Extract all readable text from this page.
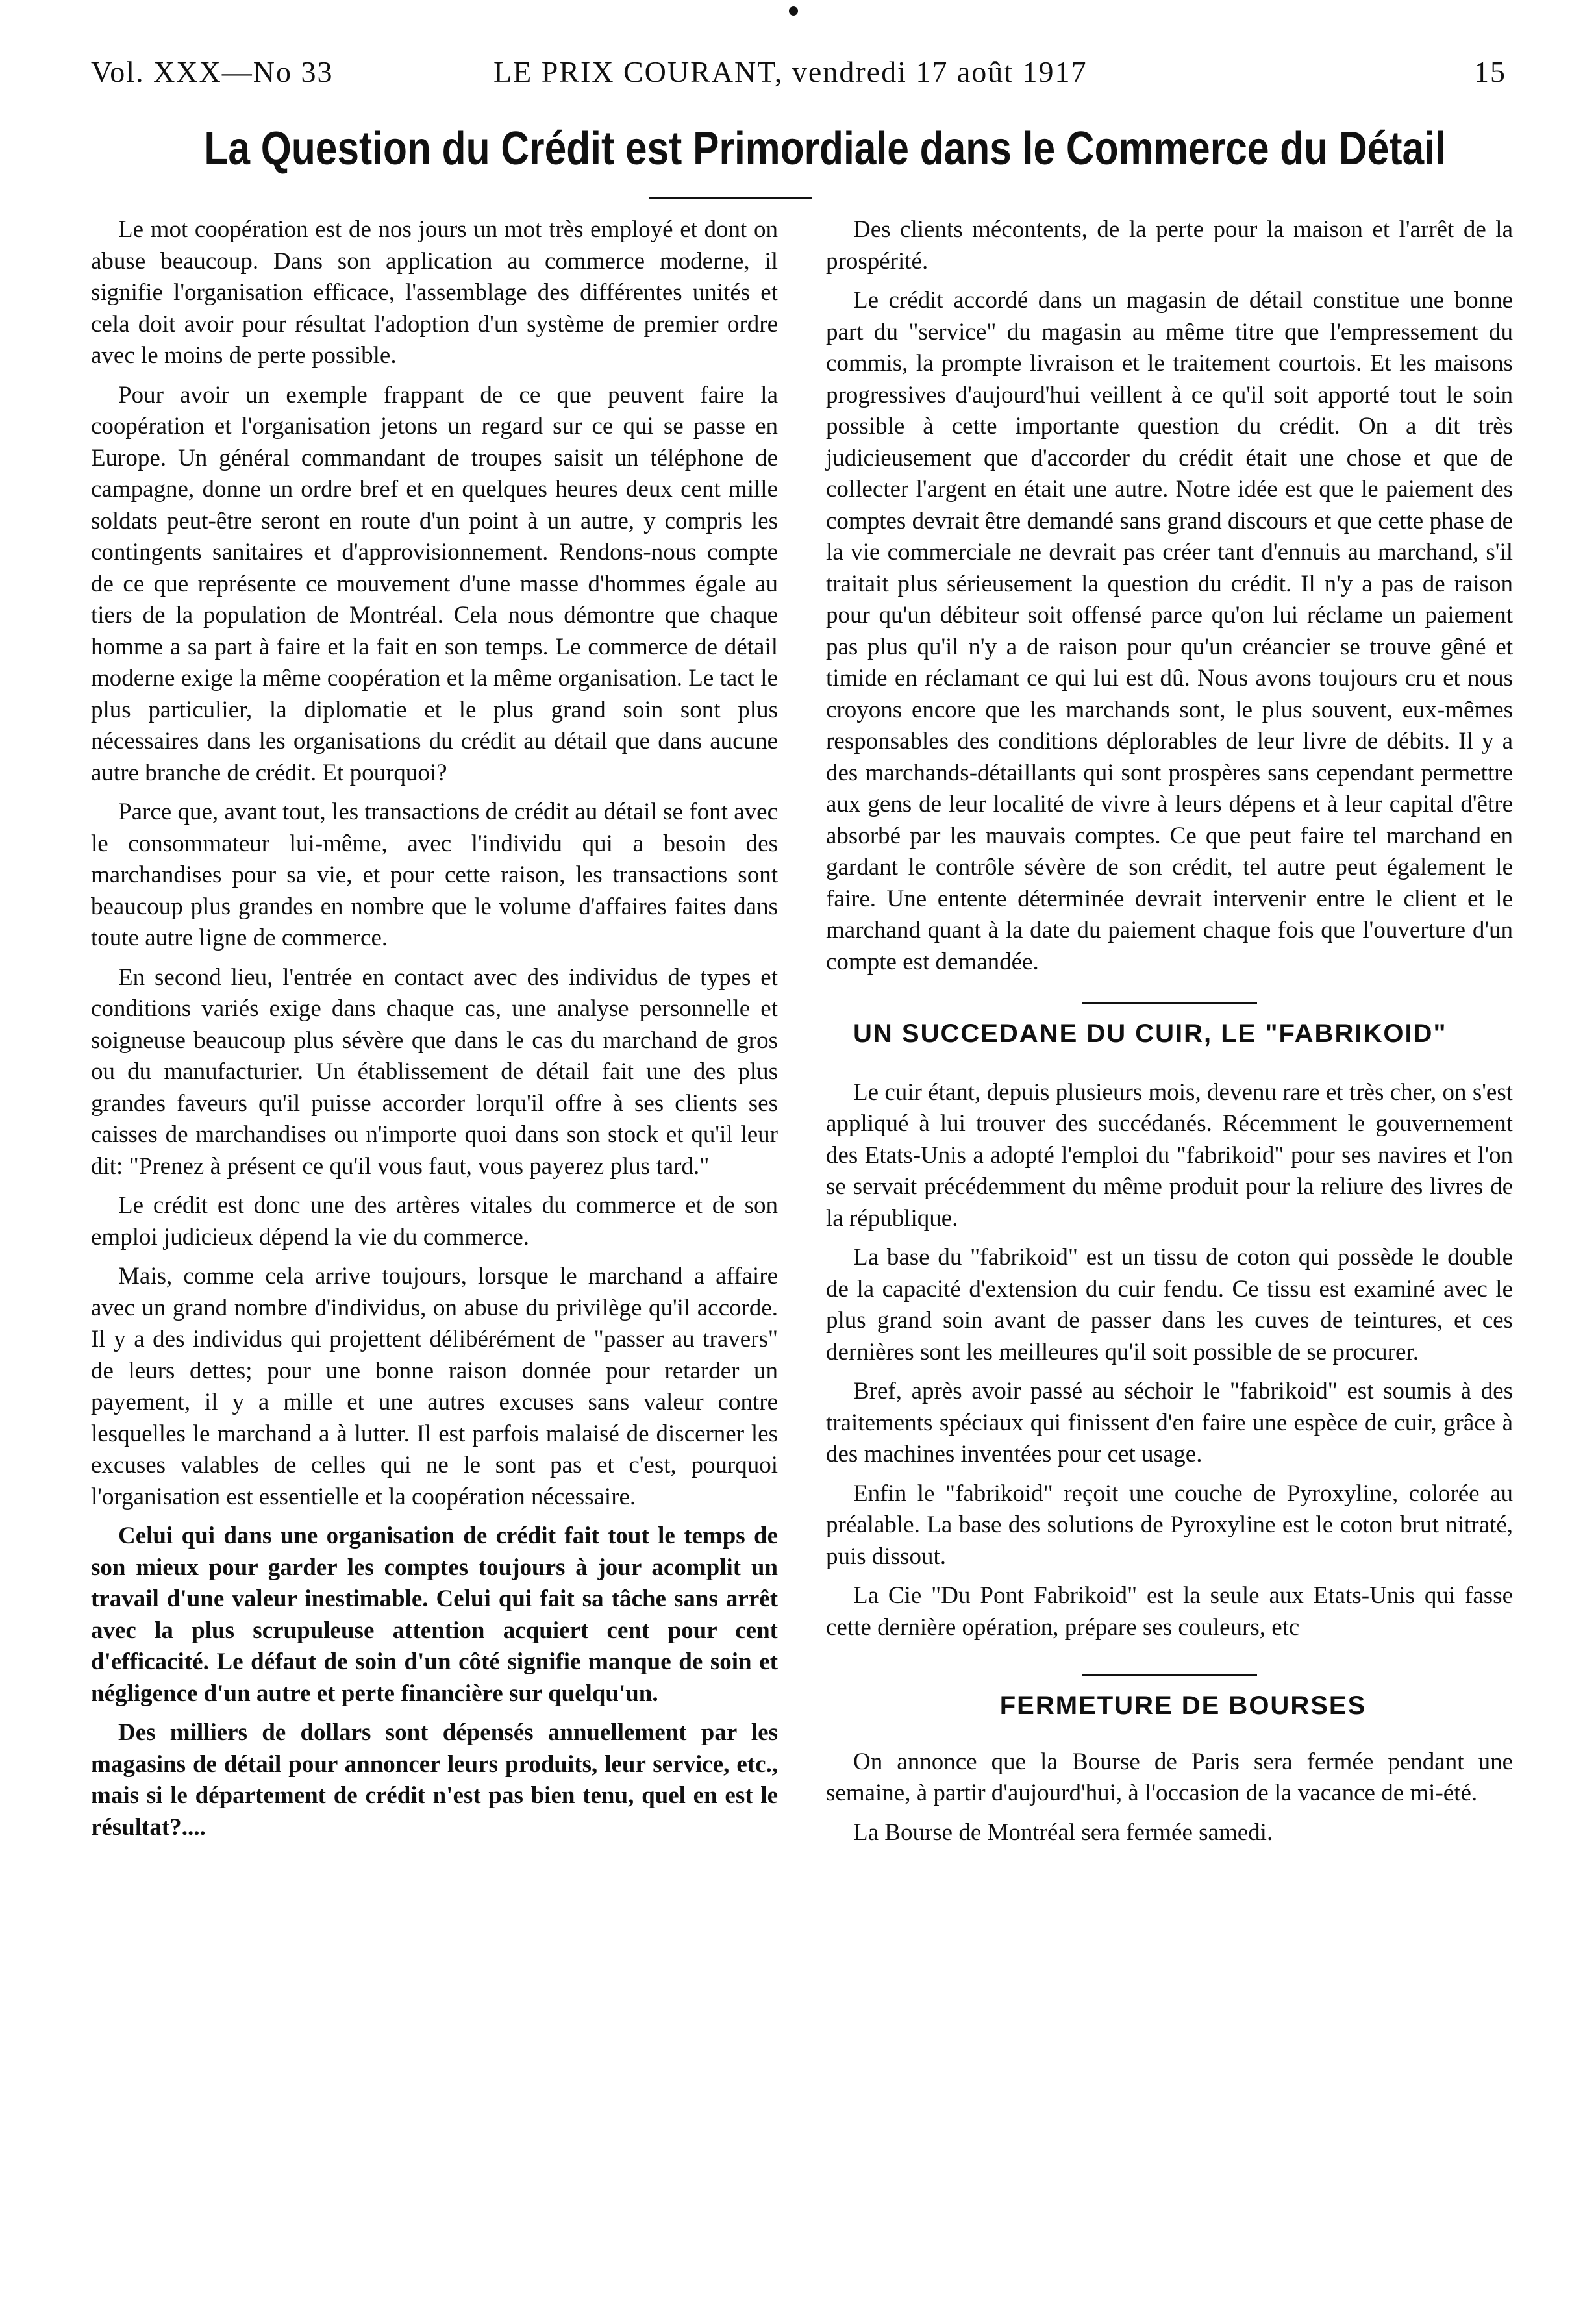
Vol. XXX—No 33	LE PRIX COURANT, vendredi 17 août 1917	15
La Question du Crédit est Primordiale dans le Commerce du Détail

Le mot coopération est de nos jours un mot très employé et dont on abuse beaucoup. Dans son application au commerce moderne, il signifie l'organisation efficace, l'assemblage des différentes unités et cela doit avoir pour résultat l'adoption d'un système de premier ordre avec le moins de perte possible.

Pour avoir un exemple frappant de ce que peuvent faire la coopération et l'organisation jetons un regard sur ce qui se passe en Europe. Un général commandant de troupes saisit un téléphone de campagne, donne un ordre bref et en quelques heures deux cent mille soldats peut-être seront en route d'un point à un autre, y compris les contingents sanitaires et d'approvisionnement. Rendons-nous compte de ce que représente ce mouvement d'une masse d'hommes égale au tiers de la population de Montréal. Cela nous démontre que chaque homme a sa part à faire et la fait en son temps. Le commerce de détail moderne exige la même coopération et la même organisation. Le tact le plus particulier, la diplomatie et le plus grand soin sont plus nécessaires dans les organisations du crédit au détail que dans aucune autre branche de crédit. Et pourquoi?

Parce que, avant tout, les transactions de crédit au détail se font avec le consommateur lui-même, avec l'individu qui a besoin des marchandises pour sa vie, et pour cette raison, les transactions sont beaucoup plus grandes en nombre que le volume d'affaires faites dans toute autre ligne de commerce.

En second lieu, l'entrée en contact avec des individus de types et conditions variés exige dans chaque cas, une analyse personnelle et soigneuse beaucoup plus sévère que dans le cas du marchand de gros ou du manufacturier. Un établissement de détail fait une des plus grandes faveurs qu'il puisse accorder lorqu'il offre à ses clients ses caisses de marchandises ou n'importe quoi dans son stock et qu'il leur dit: "Prenez à présent ce qu'il vous faut, vous payerez plus tard."

Le crédit est donc une des artères vitales du commerce et de son emploi judicieux dépend la vie du commerce.

Mais, comme cela arrive toujours, lorsque le marchand a affaire avec un grand nombre d'individus, on abuse du privilège qu'il accorde. Il y a des individus qui projettent délibérément de "passer au travers" de leurs dettes; pour une bonne raison donnée pour retarder un payement, il y a mille et une autres excuses sans valeur contre lesquelles le marchand a à lutter. Il est parfois malaisé de discerner les excuses valables de celles qui ne le sont pas et c'est, pourquoi l'organisation est essentielle et la coopération nécessaire.

Celui qui dans une organisation de crédit fait tout le temps de son mieux pour garder les comptes toujours à jour acomplit un travail d'une valeur inestimable. Celui qui fait sa tâche sans arrêt avec la plus scrupuleuse attention acquiert cent pour cent d'efficacité. Le défaut de soin d'un côté signifie manque de soin et négligence d'un autre et perte financière sur quelqu'un.

Des milliers de dollars sont dépensés annuellement par les magasins de détail pour annoncer leurs produits, leur service, etc., mais si le département de crédit n'est pas bien tenu, quel en est le résultat?....

Des clients mécontents, de la perte pour la maison et l'arrêt de la prospérité.

Le crédit accordé dans un magasin de détail constitue une bonne part du "service" du magasin au même titre que l'empressement du commis, la prompte livraison et le traitement courtois. Et les maisons progressives d'aujourd'hui veillent à ce qu'il soit apporté tout le soin possible à cette importante question du crédit. On a dit très judicieusement que d'accorder du crédit était une chose et que de collecter l'argent en était une autre. Notre idée est que le paiement des comptes devrait être demandé sans grand discours et que cette phase de la vie commerciale ne devrait pas créer tant d'ennuis au marchand, s'il traitait plus sérieusement la question du crédit. Il n'y a pas de raison pour qu'un débiteur soit offensé parce qu'on lui réclame un paiement pas plus qu'il n'y a de raison pour qu'un créancier se trouve gêné et timide en réclamant ce qui lui est dû. Nous avons toujours cru et nous croyons encore que les marchands sont, le plus souvent, eux-mêmes responsables des conditions déplorables de leur livre de débits. Il y a des marchands-détaillants qui sont prospères sans cependant permettre aux gens de leur localité de vivre à leurs dépens et à leur capital d'être absorbé par les mauvais comptes. Ce que peut faire tel marchand en gardant le contrôle sévère de son crédit, tel autre peut également le faire. Une entente déterminée devrait intervenir entre le client et le marchand quant à la date du paiement chaque fois que l'ouverture d'un compte est demandée.

UN SUCCEDANE DU CUIR, LE "FABRIKOID"

Le cuir étant, depuis plusieurs mois, devenu rare et très cher, on s'est appliqué à lui trouver des succédanés. Récemment le gouvernement des Etats-Unis a adopté l'emploi du "fabrikoid" pour ses navires et l'on se servait précédemment du même produit pour la reliure des livres de la république.

La base du "fabrikoid" est un tissu de coton qui possède le double de la capacité d'extension du cuir fendu. Ce tissu est examiné avec le plus grand soin avant de passer dans les cuves de teintures, et ces dernières sont les meilleures qu'il soit possible de se procurer.

Bref, après avoir passé au séchoir le "fabrikoid" est soumis à des traitements spéciaux qui finissent d'en faire une espèce de cuir, grâce à des machines inventées pour cet usage.

Enfin le "fabrikoid" reçoit une couche de Pyroxyline, colorée au préalable. La base des solutions de Pyroxyline est le coton brut nitraté, puis dissout.

La Cie "Du Pont Fabrikoid" est la seule aux Etats-Unis qui fasse cette dernière opération, prépare ses couleurs, etc

FERMETURE DE BOURSES

On annonce que la Bourse de Paris sera fermée pendant une semaine, à partir d'aujourd'hui, à l'occasion de la vacance de mi-été.

La Bourse de Montréal sera fermée samedi.
